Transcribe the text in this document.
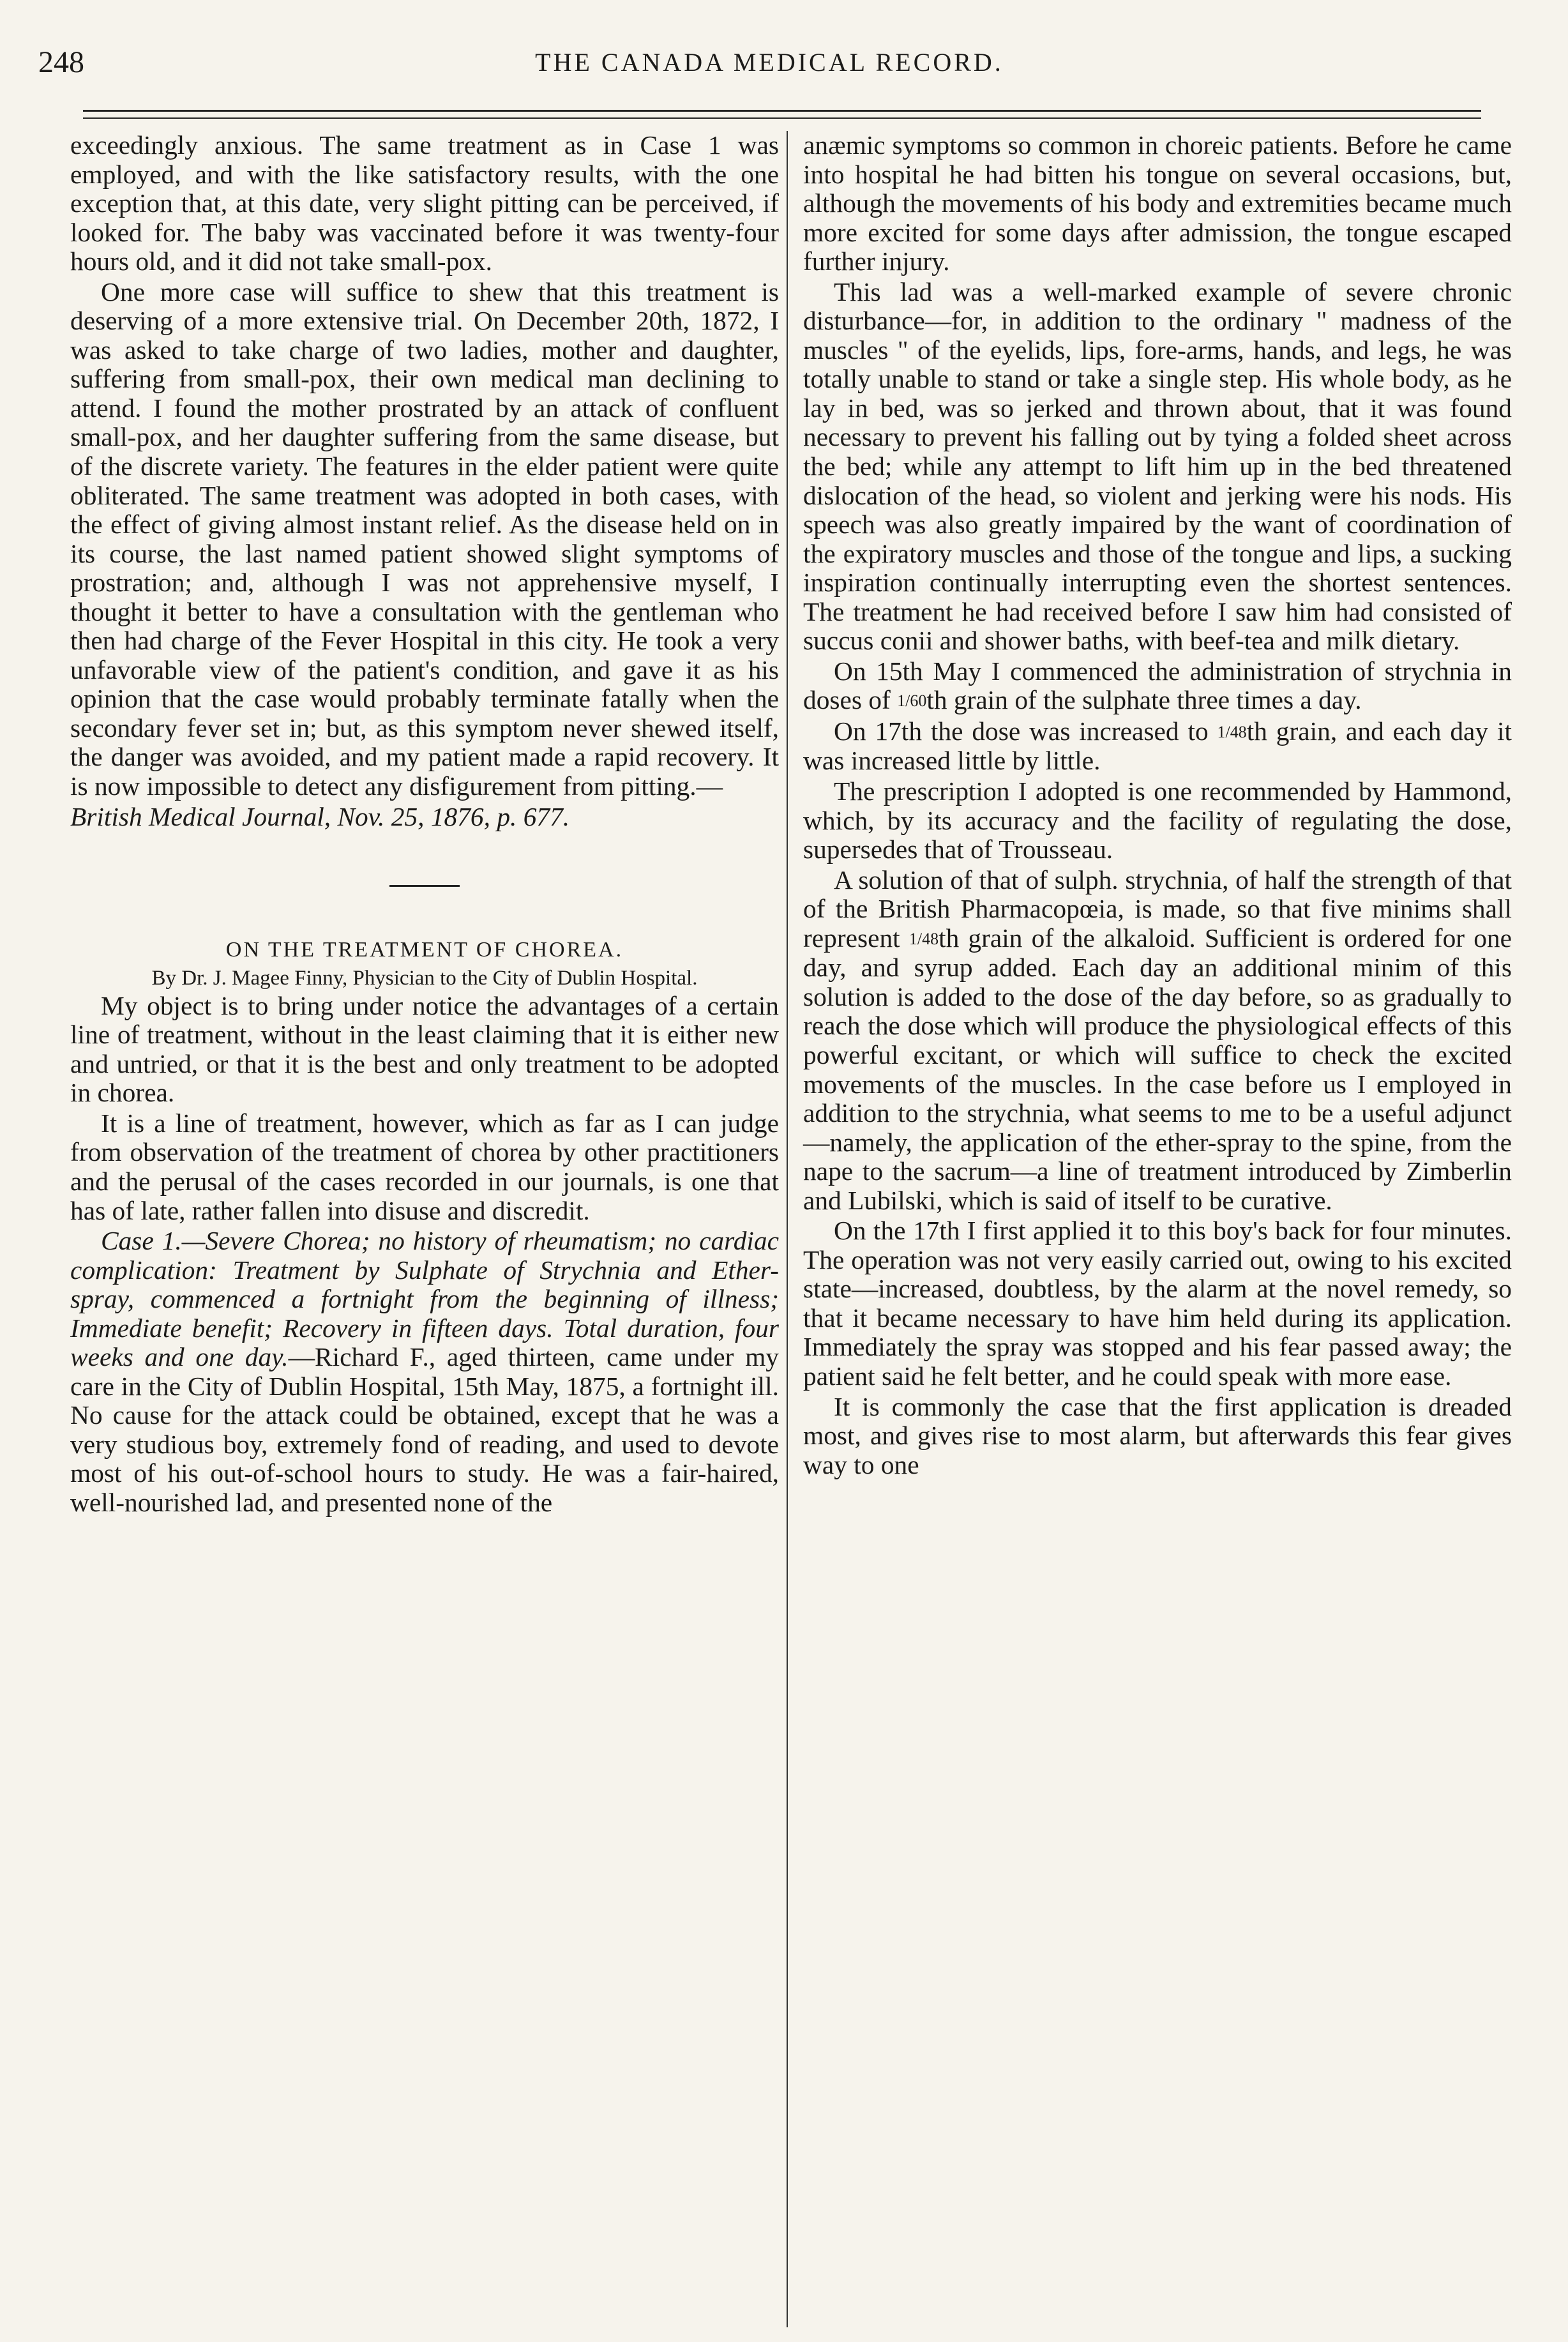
248	THE CANADA MEDICAL RECORD.

exceedingly anxious. The same treatment as in Case 1 was employed, and with the like satisfactory results, with the one exception that, at this date, very slight pitting can be perceived, if looked for. The baby was vaccinated before it was twenty-four hours old, and it did not take small-pox.

One more case will suffice to shew that this treatment is deserving of a more extensive trial. On December 20th, 1872, I was asked to take charge of two ladies, mother and daughter, suffering from small-pox, their own medical man declining to attend. I found the mother prostrated by an attack of confluent small-pox, and her daughter suffering from the same disease, but of the discrete variety. The features in the elder patient were quite obliterated. The same treatment was adopted in both cases, with the effect of giving almost instant relief. As the disease held on in its course, the last named patient showed slight symptoms of prostration; and, although I was not apprehensive myself, I thought it better to have a consultation with the gentleman who then had charge of the Fever Hospital in this city. He took a very unfavorable view of the patient's condition, and gave it as his opinion that the case would probably terminate fatally when the secondary fever set in; but, as this symptom never shewed itself, the danger was avoided, and my patient made a rapid recovery. It is now impossible to detect any disfigurement from pitting.—

British Medical Journal, Nov. 25, 1876, p. 677.

ON THE TREATMENT OF CHOREA.

By Dr. J. Magee Finny, Physician to the City of Dublin Hospital.

My object is to bring under notice the advantages of a certain line of treatment, without in the least claiming that it is either new and untried, or that it is the best and only treatment to be adopted in chorea.

It is a line of treatment, however, which as far as I can judge from observation of the treatment of chorea by other practitioners and the perusal of the cases recorded in our journals, is one that has of late, rather fallen into disuse and discredit.

Case 1.—Severe Chorea; no history of rheumatism; no cardiac complication: Treatment by Sulphate of Strychnia and Ether-spray, commenced a fortnight from the beginning of illness; Immediate benefit; Recovery in fifteen days. Total duration, four weeks and one day.—Richard F., aged thirteen, came under my care in the City of Dublin Hospital, 15th May, 1875, a fortnight ill. No cause for the attack could be obtained, except that he was a very studious boy, extremely fond of reading, and used to devote most of his out-of-school hours to study. He was a fair-haired, well-nourished lad, and presented none of the

anæmic symptoms so common in choreic patients. Before he came into hospital he had bitten his tongue on several occasions, but, although the movements of his body and extremities became much more excited for some days after admission, the tongue escaped further injury.

This lad was a well-marked example of severe chronic disturbance—for, in addition to the ordinary " madness of the muscles " of the eyelids, lips, fore-arms, hands, and legs, he was totally unable to stand or take a single step. His whole body, as he lay in bed, was so jerked and thrown about, that it was found necessary to prevent his falling out by tying a folded sheet across the bed; while any attempt to lift him up in the bed threatened dislocation of the head, so violent and jerking were his nods. His speech was also greatly impaired by the want of coordination of the expiratory muscles and those of the tongue and lips, a sucking inspiration continually interrupting even the shortest sentences. The treatment he had received before I saw him had consisted of succus conii and shower baths, with beef-tea and milk dietary.

On 15th May I commenced the administration of strychnia in doses of 1/60th grain of the sulphate three times a day.

On 17th the dose was increased to 1/48th grain, and each day it was increased little by little.

The prescription I adopted is one recommended by Hammond, which, by its accuracy and the facility of regulating the dose, supersedes that of Trousseau.

A solution of that of sulph. strychnia, of half the strength of that of the British Pharmacopœia, is made, so that five minims shall represent 1/48th grain of the alkaloid. Sufficient is ordered for one day, and syrup added. Each day an additional minim of this solution is added to the dose of the day before, so as gradually to reach the dose which will produce the physiological effects of this powerful excitant, or which will suffice to check the excited movements of the muscles. In the case before us I employed in addition to the strychnia, what seems to me to be a useful adjunct—namely, the application of the ether-spray to the spine, from the nape to the sacrum—a line of treatment introduced by Zimberlin and Lubilski, which is said of itself to be curative.

On the 17th I first applied it to this boy's back for four minutes. The operation was not very easily carried out, owing to his excited state—increased, doubtless, by the alarm at the novel remedy, so that it became necessary to have him held during its application. Immediately the spray was stopped and his fear passed away; the patient said he felt better, and he could speak with more ease.

It is commonly the case that the first application is dreaded most, and gives rise to most alarm, but afterwards this fear gives way to one
